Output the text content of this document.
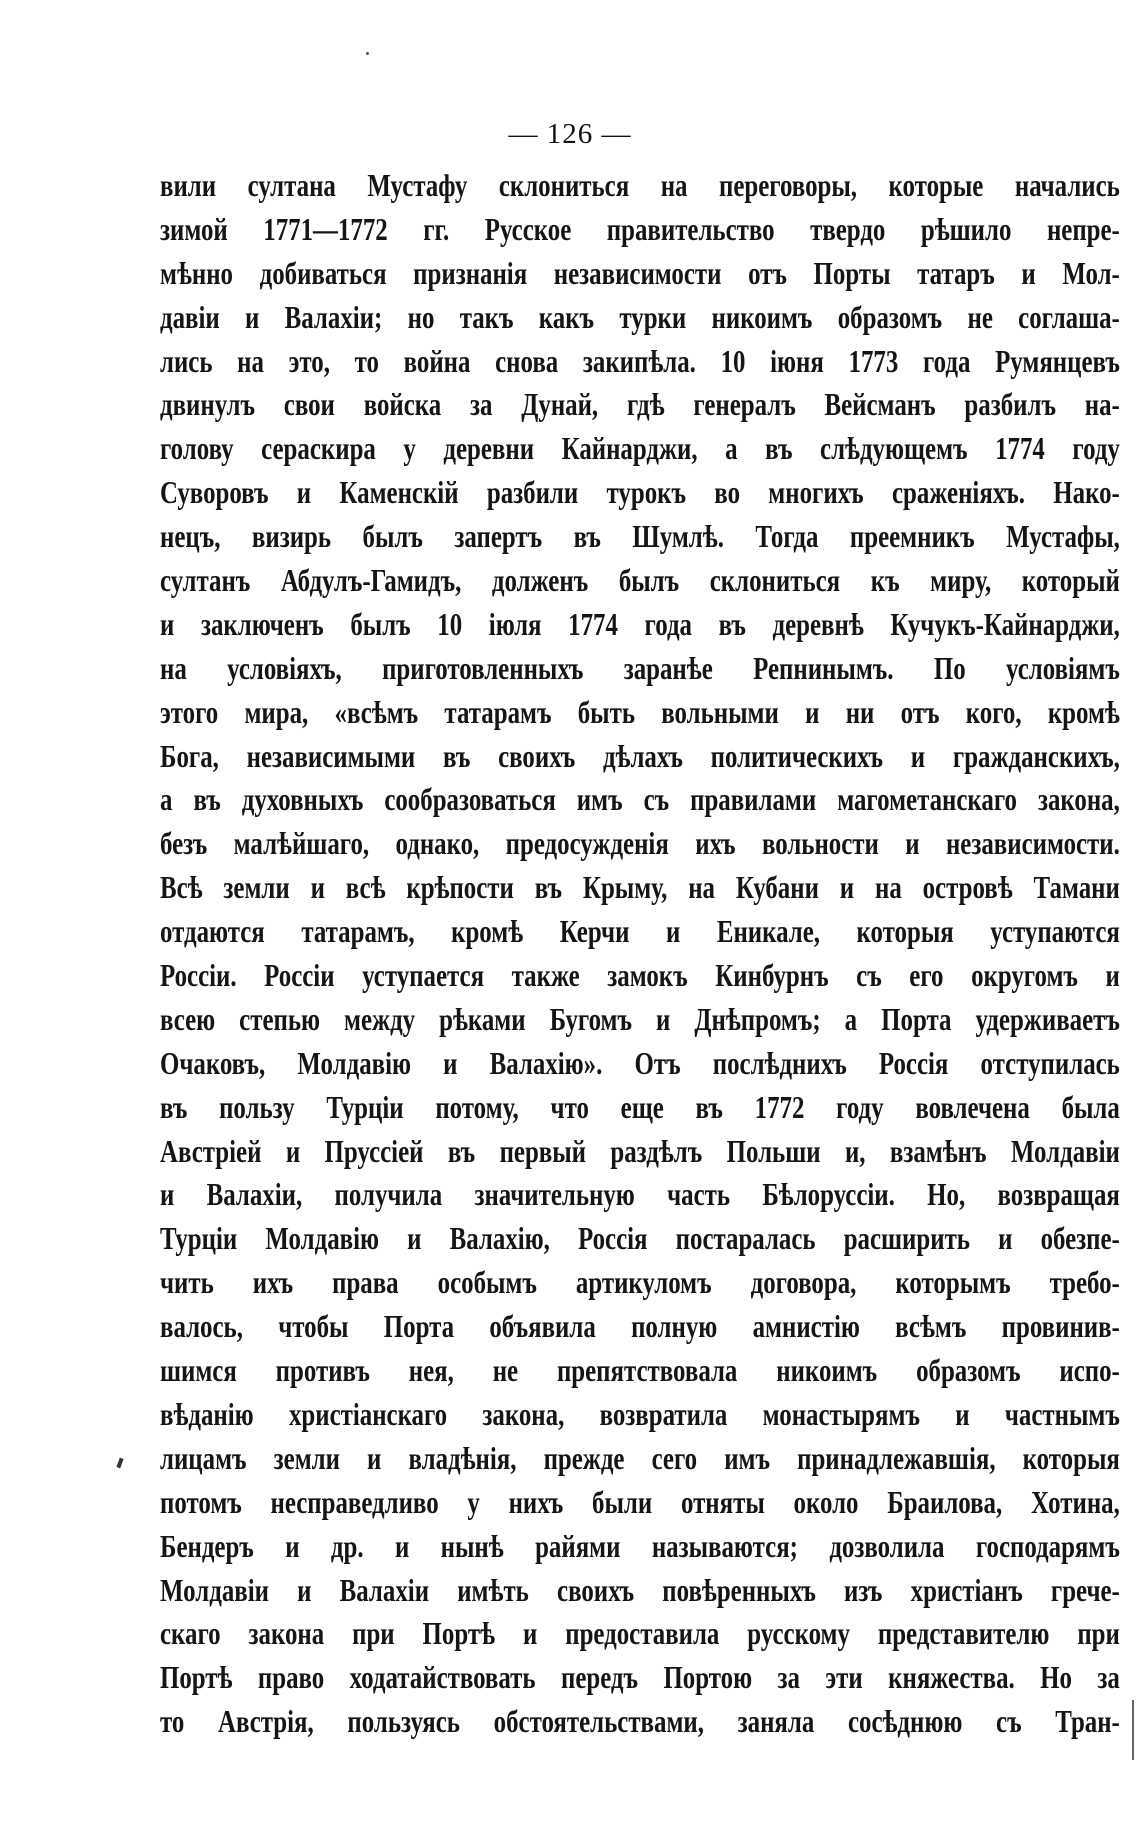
— 126 —
вили султана Мустафу склониться на переговоры, которые начались
зимой 1771—1772 гг. Русское правительство твердо рѣшило непре-
мѣнно добиваться признанія независимости отъ Порты татаръ и Мол-
давіи и Валахіи; но такъ какъ турки никоимъ образомъ не соглаша-
лись на это, то война снова закипѣла. 10 іюня 1773 года Румянцевъ
двинулъ свои войска за Дунай, гдѣ генералъ Вейсманъ разбилъ на-
голову сераскира у деревни Кайнарджи, а въ слѣдующемъ 1774 году
Суворовъ и Каменскій разбили турокъ во многихъ сраженіяхъ. Нако-
нецъ, визирь былъ запертъ въ Шумлѣ. Тогда преемникъ Мустафы,
султанъ Абдулъ-Гамидъ, долженъ былъ склониться къ миру, который
и заключенъ былъ 10 іюля 1774 года въ деревнѣ Кучукъ-Кайнарджи,
на условіяхъ, приготовленныхъ заранѣе Репнинымъ. По условіямъ
этого мира, «всѣмъ татарамъ быть вольными и ни отъ кого, кромѣ
Бога, независимыми въ своихъ дѣлахъ политическихъ и гражданскихъ,
а въ духовныхъ сообразоваться имъ съ правилами магометанскаго закона,
безъ малѣйшаго, однако, предосужденія ихъ вольности и независимости.
Всѣ земли и всѣ крѣпости въ Крыму, на Кубани и на островѣ Тамани
отдаются татарамъ, кромѣ Керчи и Еникале, которыя уступаются
Россіи. Россіи уступается также замокъ Кинбурнъ съ его округомъ и
всею степью между рѣками Бугомъ и Днѣпромъ; а Порта удерживаетъ
Очаковъ, Молдавію и Валахію». Отъ послѣднихъ Россія отступилась
въ пользу Турціи потому, что еще въ 1772 году вовлечена была
Австріей и Пруссіей въ первый раздѣлъ Польши и, взамѣнъ Молдавіи
и Валахіи, получила значительную часть Бѣлоруссіи. Но, возвращая
Турціи Молдавію и Валахію, Россія постаралась расширить и обезпе-
чить ихъ права особымъ артикуломъ договора, которымъ требо-
валось, чтобы Порта объявила полную амнистію всѣмъ провинив-
шимся противъ нея, не препятствовала никоимъ образомъ испо-
вѣданію христіанскаго закона, возвратила монастырямъ и частнымъ
лицамъ земли и владѣнія, прежде сего имъ принадлежавшія, которыя
потомъ несправедливо у нихъ были отняты около Браилова, Хотина,
Бендеръ и др. и нынѣ райями называются; дозволила господарямъ
Молдавіи и Валахіи имѣть своихъ повѣренныхъ изъ христіанъ грече-
скаго закона при Портѣ и предоставила русскому представителю при
Портѣ право ходатайствовать передъ Портою за эти княжества. Но за
то Австрія, пользуясь обстоятельствами, заняла сосѣднюю съ Тран-
